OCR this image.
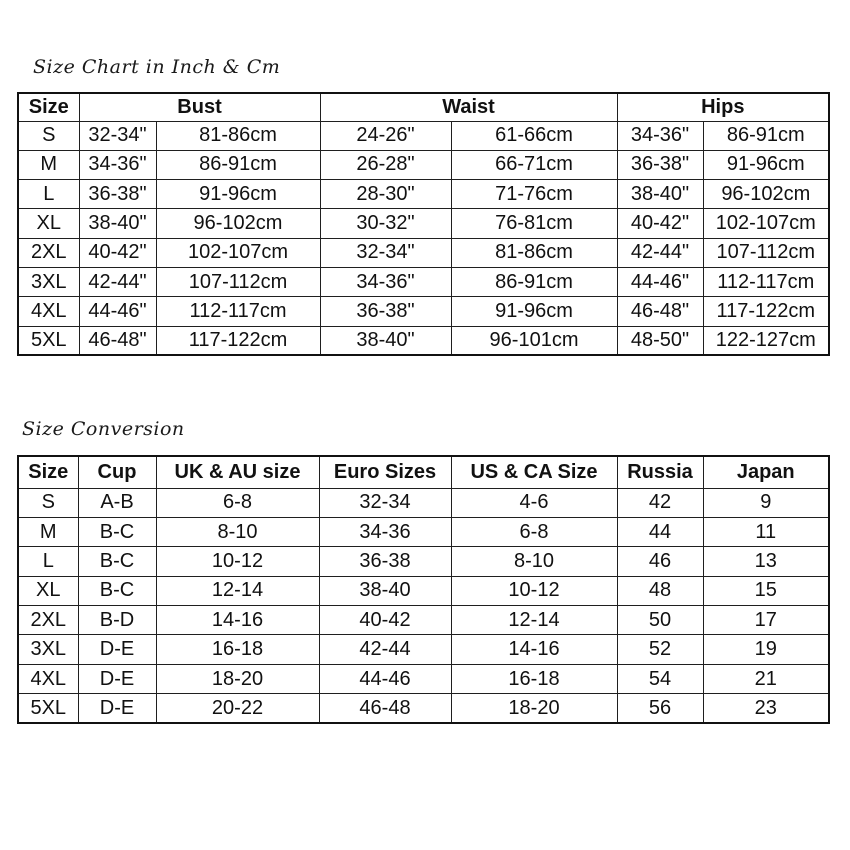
Size Chart in Inch & Cm
Size	Bust		Waist		Hips	
S	32-34"	81-86cm	24-26"	61-66cm	34-36"	86-91cm
M	34-36"	86-91cm	26-28"	66-71cm	36-38"	91-96cm
L	36-38"	91-96cm	28-30"	71-76cm	38-40"	96-102cm
XL	38-40"	96-102cm	30-32"	76-81cm	40-42"	102-107cm
2XL	40-42"	102-107cm	32-34"	81-86cm	42-44"	107-112cm
3XL	42-44"	107-112cm	34-36"	86-91cm	44-46"	112-117cm
4XL	44-46"	112-117cm	36-38"	91-96cm	46-48"	117-122cm
5XL	46-48"	117-122cm	38-40"	96-101cm	48-50"	122-127cm
Size Conversion
Size	Cup	UK & AU size	Euro Sizes	US & CA Size	Russia	Japan
S	A-B	6-8	32-34	4-6	42	9
M	B-C	8-10	34-36	6-8	44	11
L	B-C	10-12	36-38	8-10	46	13
XL	B-C	12-14	38-40	10-12	48	15
2XL	B-D	14-16	40-42	12-14	50	17
3XL	D-E	16-18	42-44	14-16	52	19
4XL	D-E	18-20	44-46	16-18	54	21
5XL	D-E	20-22	46-48	18-20	56	23
